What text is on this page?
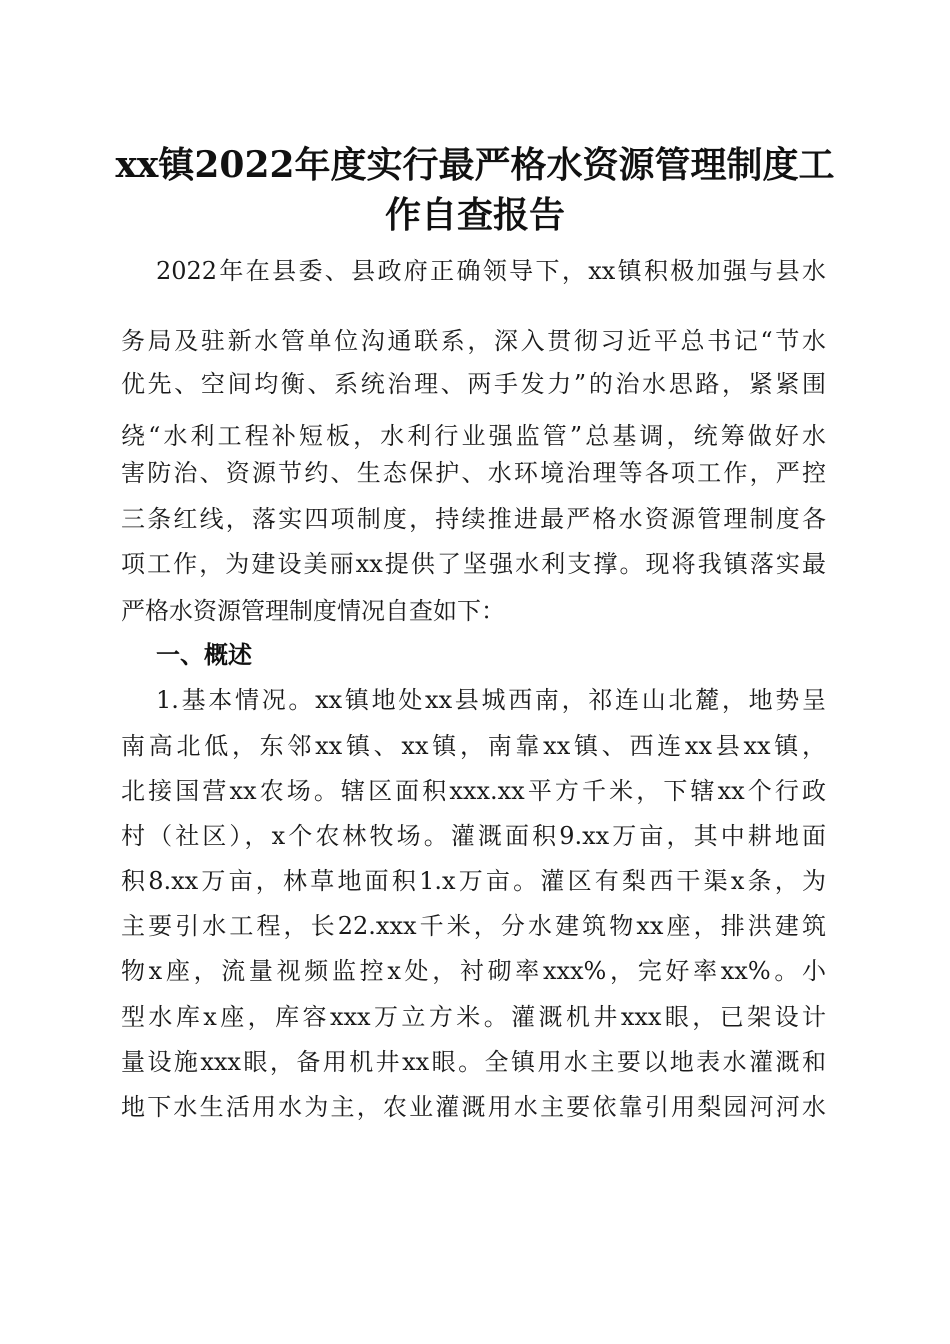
xx镇2022年度实行最严格水资源管理制度工
作自查报告
2022年在县委、县政府正确领导下，xx镇积极加强与县水
务局及驻新水管单位沟通联系，深入贯彻习近平总书记“节水
优先、空间均衡、系统治理、两手发力”的治水思路，紧紧围
绕“水利工程补短板，水利行业强监管”总基调，统筹做好水
害防治、资源节约、生态保护、水环境治理等各项工作，严控
三条红线，落实四项制度，持续推进最严格水资源管理制度各
项工作，为建设美丽xx提供了坚强水利支撑。现将我镇落实最
严格水资源管理制度情况自查如下：
一、概述
1.基本情况。xx镇地处xx县城西南，祁连山北麓，地势呈
南高北低，东邻xx镇、xx镇，南靠xx镇、西连xx县xx镇，
北接国营xx农场。辖区面积xxx.xx平方千米，下辖xx个行政
村（社区），x个农林牧场。灌溉面积9.xx万亩，其中耕地面
积8.xx万亩，林草地面积1.x万亩。灌区有梨西干渠x条，为
主要引水工程，长22.xxx千米，分水建筑物xx座，排洪建筑
物x座，流量视频监控x处，衬砌率xxx%，完好率xx%。小
型水库x座，库容xxx万立方米。灌溉机井xxx眼，已架设计
量设施xxx眼，备用机井xx眼。全镇用水主要以地表水灌溉和
地下水生活用水为主，农业灌溉用水主要依靠引用梨园河河水
